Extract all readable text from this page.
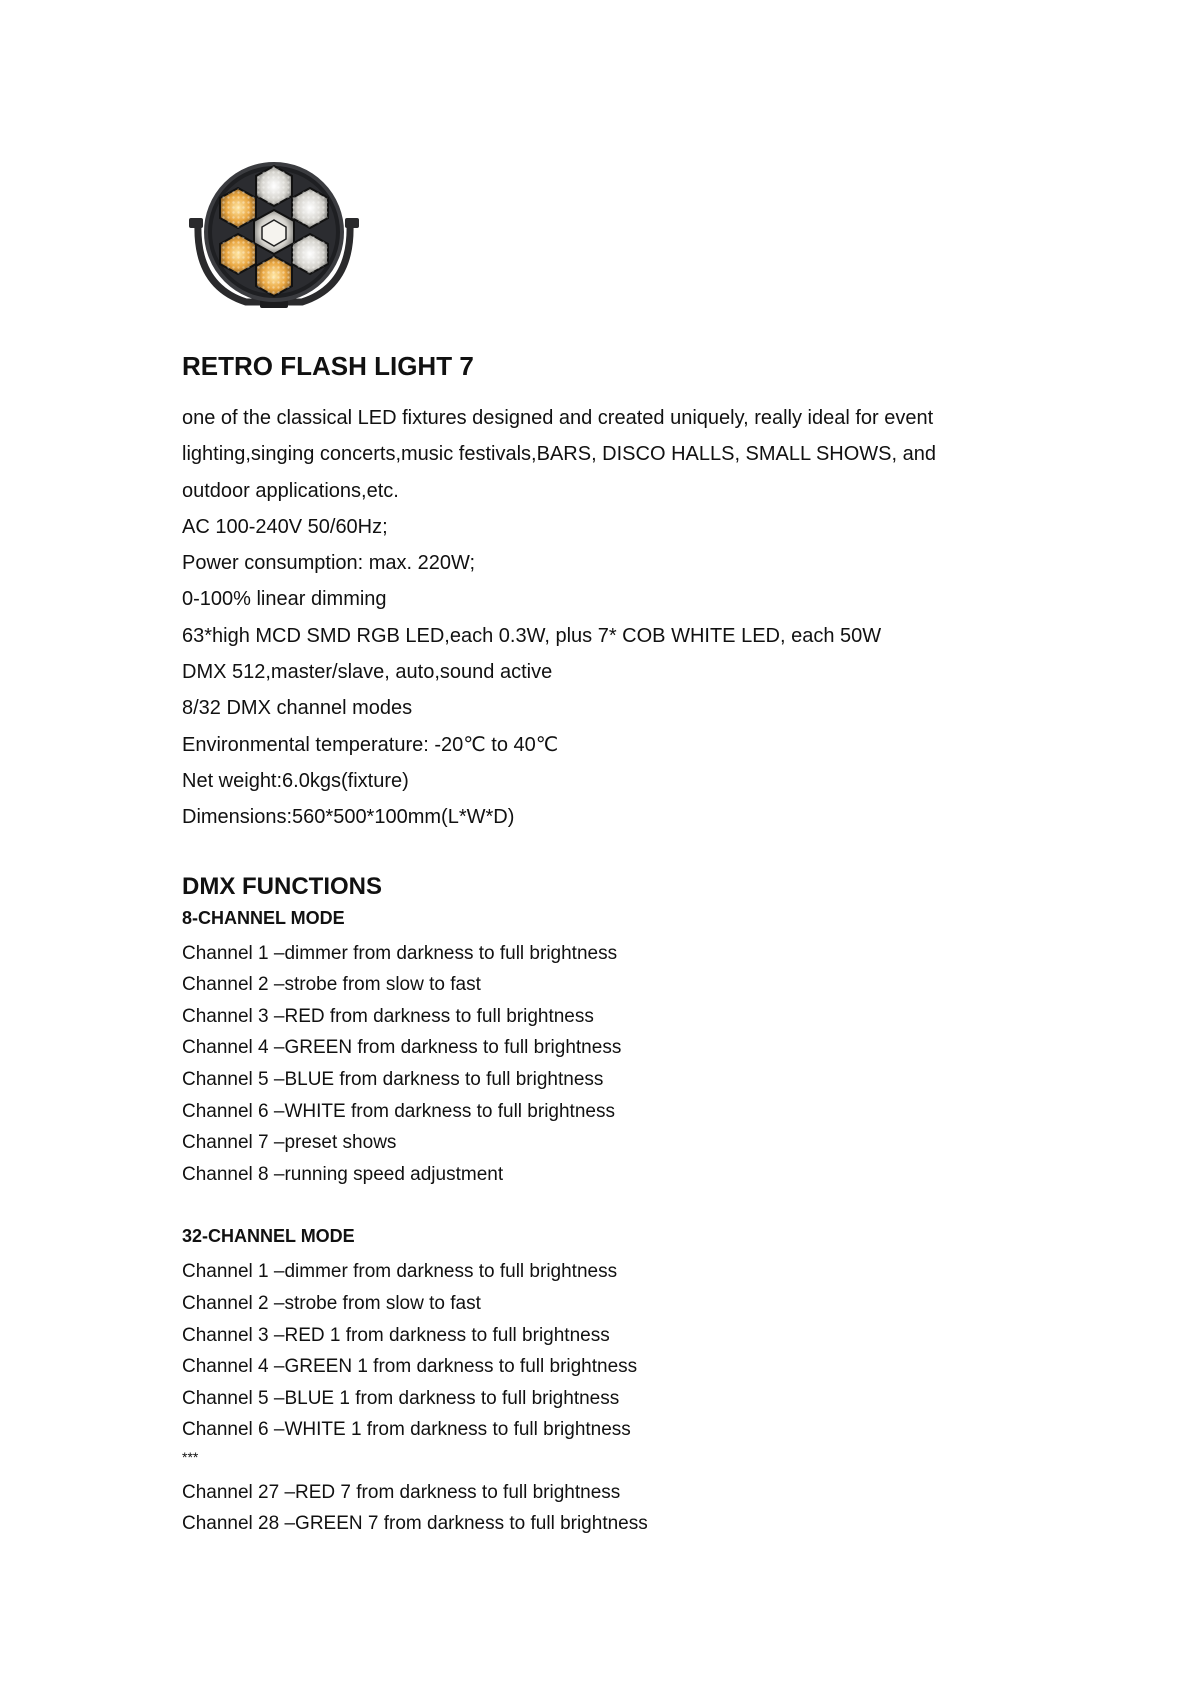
RETRO FLASH LIGHT 7
one of the classical LED fixtures designed and created uniquely, really ideal for event
lighting,singing concerts,music festivals,BARS, DISCO HALLS, SMALL SHOWS, and
outdoor applications,etc.
AC 100-240V 50/60Hz;
Power consumption: max. 220W;
0-100% linear dimming
63*high MCD SMD RGB LED,each 0.3W, plus 7* COB WHITE LED, each 50W
DMX 512,master/slave, auto,sound active
8/32 DMX channel modes
Environmental temperature: -20℃ to 40℃
Net weight:6.0kgs(fixture)
Dimensions:560*500*100mm(L*W*D)
DMX FUNCTIONS
8-CHANNEL MODE
Channel 1 –dimmer from darkness to full brightness
Channel 2 –strobe from slow to fast
Channel 3 –RED from darkness to full brightness
Channel 4 –GREEN from darkness to full brightness
Channel 5 –BLUE from darkness to full brightness
Channel 6 –WHITE from darkness to full brightness
Channel 7 –preset shows
Channel 8 –running speed adjustment
32-CHANNEL MODE
Channel 1 –dimmer from darkness to full brightness
Channel 2 –strobe from slow to fast
Channel 3 –RED 1 from darkness to full brightness
Channel 4 –GREEN 1 from darkness to full brightness
Channel 5 –BLUE 1 from darkness to full brightness
Channel 6 –WHITE 1 from darkness to full brightness
***
Channel 27 –RED 7 from darkness to full brightness
Channel 28 –GREEN 7 from darkness to full brightness
